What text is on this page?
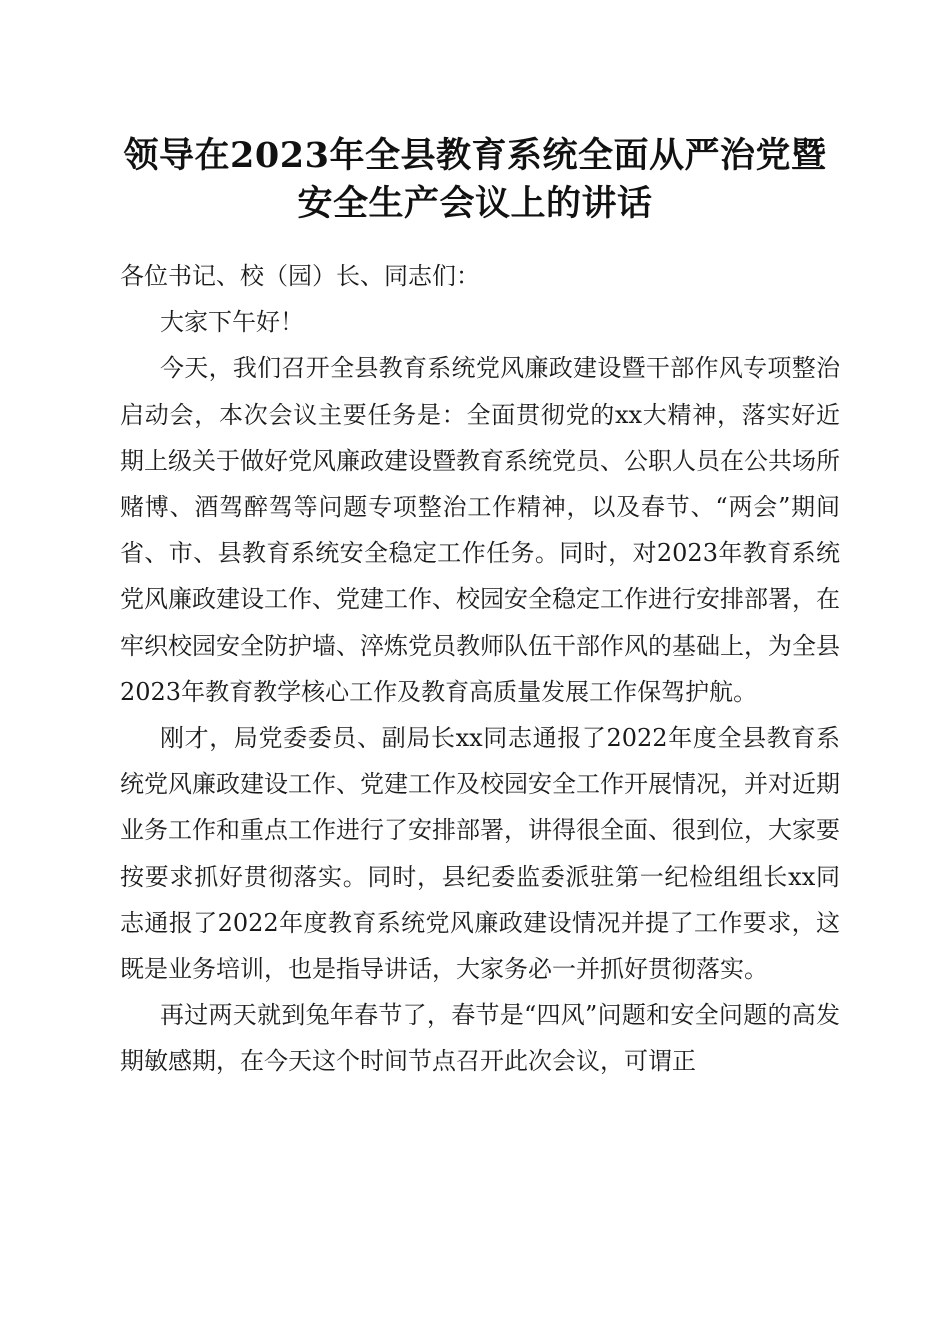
领导在2023年全县教育系统全面从严治党暨
安全生产会议上的讲话

各位书记、校（园）长、同志们：

大家下午好！

今天，我们召开全县教育系统党风廉政建设暨干部作风专项整治启动会，本次会议主要任务是：全面贯彻党的xx大精神，落实好近期上级关于做好党风廉政建设暨教育系统党员、公职人员在公共场所赌博、酒驾醉驾等问题专项整治工作精神，以及春节、“两会”期间省、市、县教育系统安全稳定工作任务。同时，对2023年教育系统党风廉政建设工作、党建工作、校园安全稳定工作进行安排部署，在牢织校园安全防护墙、淬炼党员教师队伍干部作风的基础上，为全县2023年教育教学核心工作及教育高质量发展工作保驾护航。

刚才，局党委委员、副局长xx同志通报了2022年度全县教育系统党风廉政建设工作、党建工作及校园安全工作开展情况，并对近期业务工作和重点工作进行了安排部署，讲得很全面、很到位，大家要按要求抓好贯彻落实。同时，县纪委监委派驻第一纪检组组长xx同志通报了2022年度教育系统党风廉政建设情况并提了工作要求，这既是业务培训，也是指导讲话，大家务必一并抓好贯彻落实。

再过两天就到兔年春节了，春节是“四风”问题和安全问题的高发期敏感期，在今天这个时间节点召开此次会议，可谓正
